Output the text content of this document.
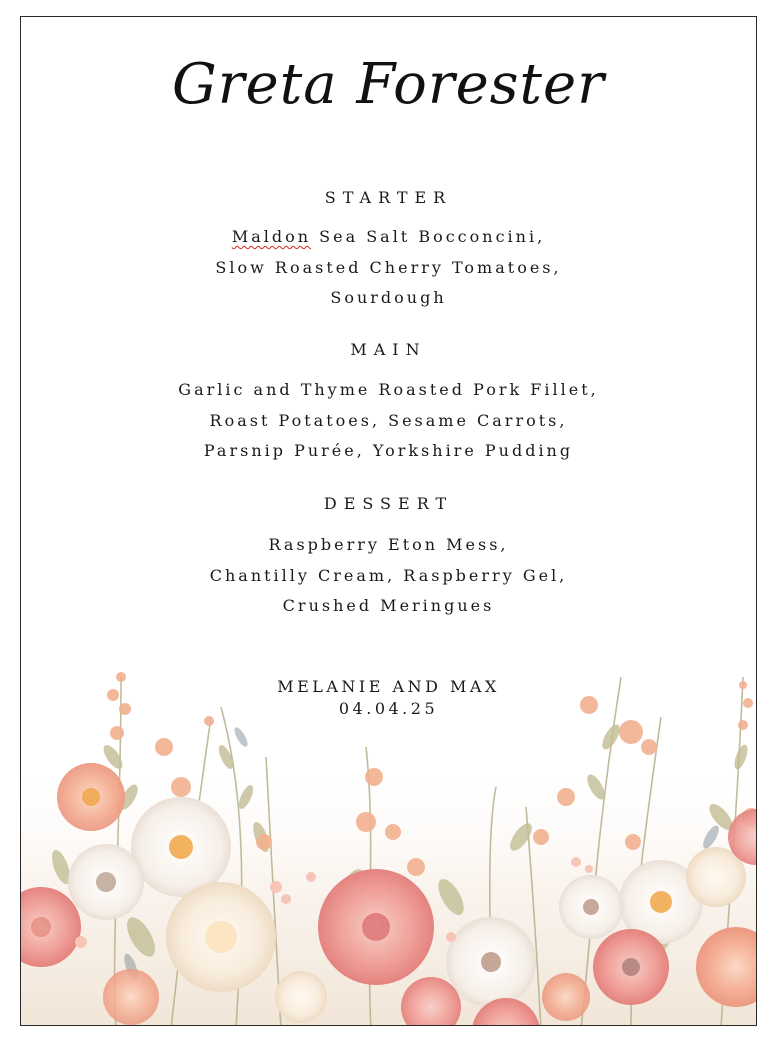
Greta Forester
STARTER
Maldon Sea Salt Bocconcini,
Slow Roasted Cherry Tomatoes,
Sourdough
MAIN
Garlic and Thyme Roasted Pork Fillet,
Roast Potatoes, Sesame Carrots,
Parsnip Purée, Yorkshire Pudding
DESSERT
Raspberry Eton Mess,
Chantilly Cream, Raspberry Gel,
Crushed Meringues
MELANIE AND MAX
04.04.25
